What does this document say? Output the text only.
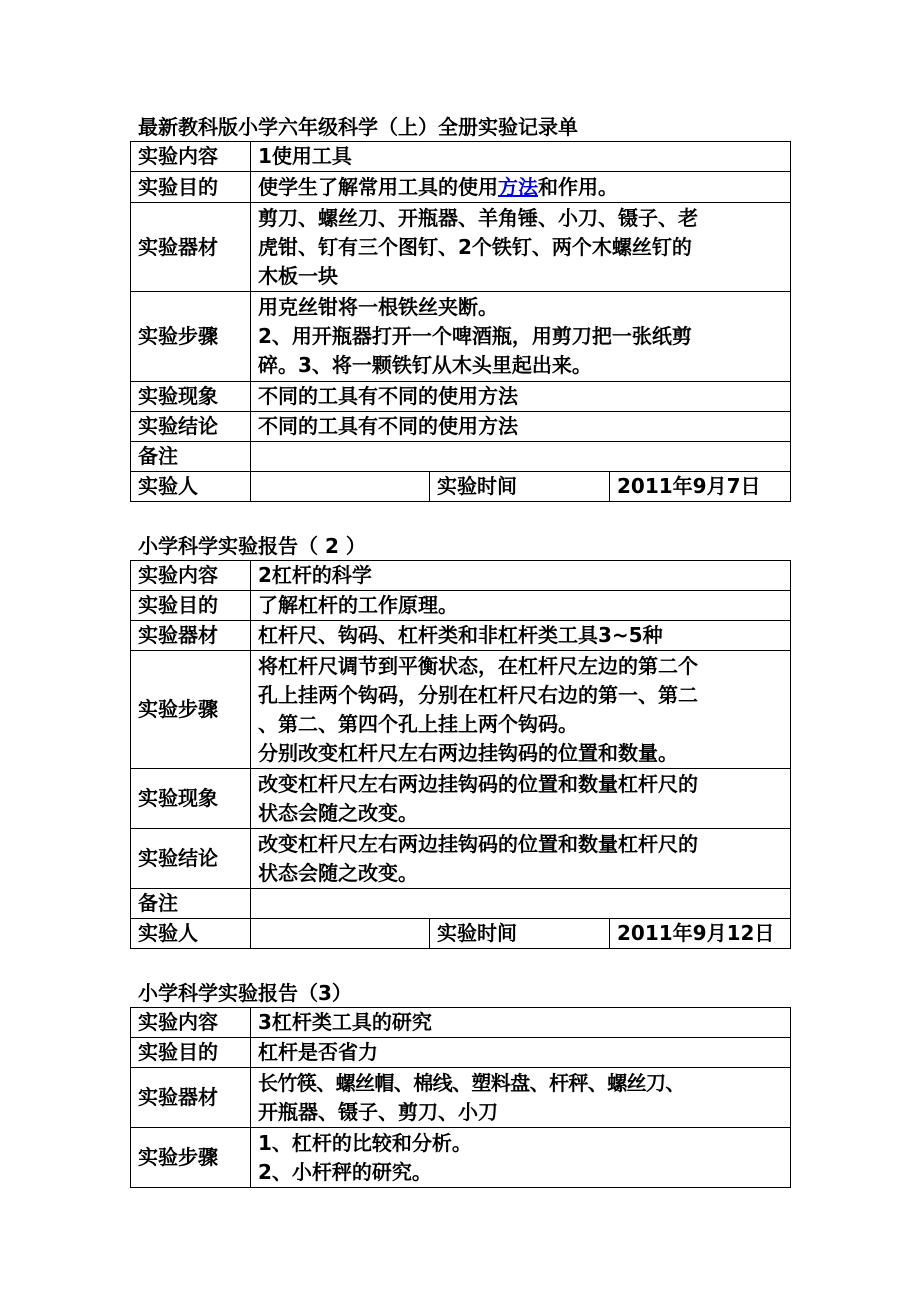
最新教科版小学六年级科学（上）全册实验记录单
实验内容	1使用工具		
实验目的	使学生了解常用工具的使用方法和作用。		
实验器材	剪刀、螺丝刀、开瓶器、羊角锤、小刀、镊子、老
虎钳、钉有三个图钉、2个铁钉、两个木螺丝钉的
木板一块		

实验步骤	用克丝钳将一根铁丝夹断。
2、用开瓶器打开一个啤酒瓶，用剪刀把一张纸剪
碎。3、将一颗铁钉从木头里起出来。		

实验现象	不同的工具有不同的使用方法		
实验结论	不同的工具有不同的使用方法		
备注			
实验人		实验时间	2011年9月7日
小学科学实验报告（ 2 ）
实验内容	2杠杆的科学		
实验目的	了解杠杆的工作原理。		
实验器材	杠杆尺、钩码、杠杆类和非杠杆类工具3~5种		
实验步骤	将杠杆尺调节到平衡状态，在杠杆尺左边的第二个
孔上挂两个钩码，分别在杠杆尺右边的第一、第二
、第二、第四个孔上挂上两个钩码。
分别改变杠杆尺左右两边挂钩码的位置和数量。		

实验现象	改变杠杆尺左右两边挂钩码的位置和数量杠杆尺的
状态会随之改变。		

实验结论	改变杠杆尺左右两边挂钩码的位置和数量杠杆尺的
状态会随之改变。		

备注			
实验人		实验时间	2011年9月12日
小学科学实验报告（3）
实验内容	3杠杆类工具的研究
实验目的	杠杆是否省力
实验器材	长竹筷、螺丝帽、棉线、塑料盘、杆秤、螺丝刀、
开瓶器、镊子、剪刀、小刀

实验步骤	1、杠杆的比较和分析。
2、小杆秤的研究。
